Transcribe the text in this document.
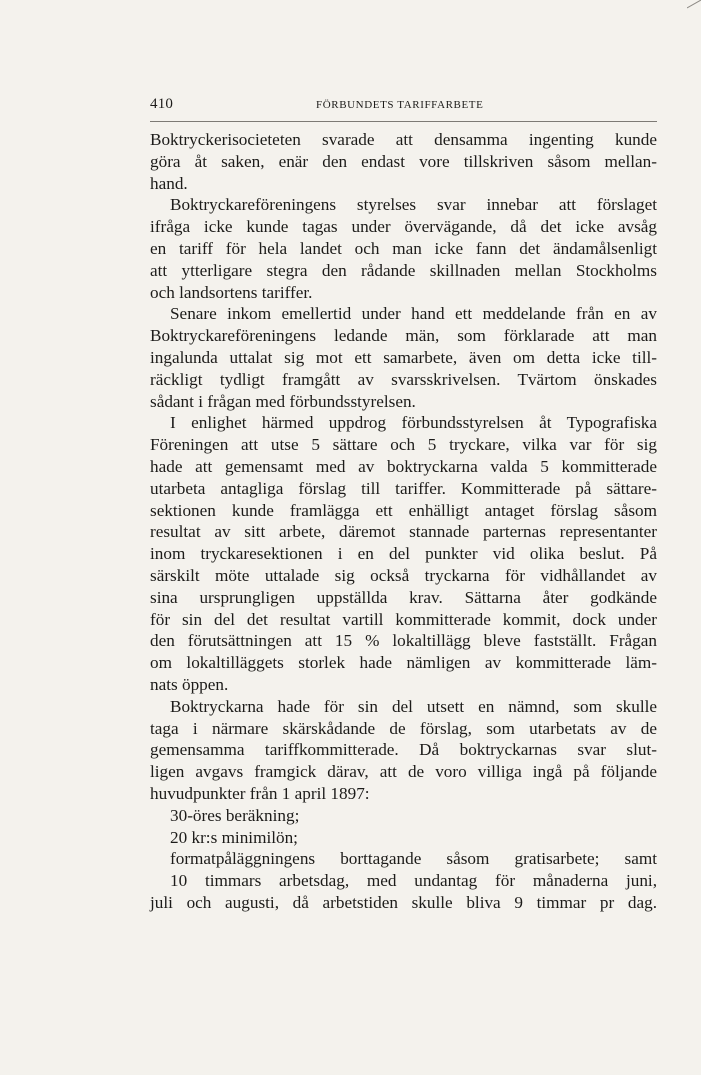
410	FÖRBUNDETS TARIFFARBETE
Boktryckerisocieteten svarade att densamma ingenting kunde
göra åt saken, enär den endast vore tillskriven såsom mellan-
hand.
Boktryckareföreningens styrelses svar innebar att förslaget
ifråga icke kunde tagas under övervägande, då det icke avsåg
en tariff för hela landet och man icke fann det ändamålsenligt
att ytterligare stegra den rådande skillnaden mellan Stockholms
och landsortens tariffer.
Senare inkom emellertid under hand ett meddelande från en av
Boktryckareföreningens ledande män, som förklarade att man
ingalunda uttalat sig mot ett samarbete, även om detta icke till-
räckligt tydligt framgått av svarsskrivelsen. Tvärtom önskades
sådant i frågan med förbundsstyrelsen.
I enlighet härmed uppdrog förbundsstyrelsen åt Typografiska
Föreningen att utse 5 sättare och 5 tryckare, vilka var för sig
hade att gemensamt med av boktryckarna valda 5 kommitterade
utarbeta antagliga förslag till tariffer. Kommitterade på sättare-
sektionen kunde framlägga ett enhälligt antaget förslag såsom
resultat av sitt arbete, däremot stannade parternas representanter
inom tryckaresektionen i en del punkter vid olika beslut. På
särskilt möte uttalade sig också tryckarna för vidhållandet av
sina ursprungligen uppställda krav. Sättarna åter godkände
för sin del det resultat vartill kommitterade kommit, dock under
den förutsättningen att 15 % lokaltillägg bleve fastställt. Frågan
om lokaltilläggets storlek hade nämligen av kommitterade läm-
nats öppen.
Boktryckarna hade för sin del utsett en nämnd, som skulle
taga i närmare skärskådande de förslag, som utarbetats av de
gemensamma tariffkommitterade. Då boktryckarnas svar slut-
ligen avgavs framgick därav, att de voro villiga ingå på följande
huvudpunkter från 1 april 1897:
30-öres beräkning;
20 kr:s minimilön;
formatpåläggningens borttagande såsom gratisarbete; samt
10 timmars arbetsdag, med undantag för månaderna juni,
juli och augusti, då arbetstiden skulle bliva 9 timmar pr dag.
